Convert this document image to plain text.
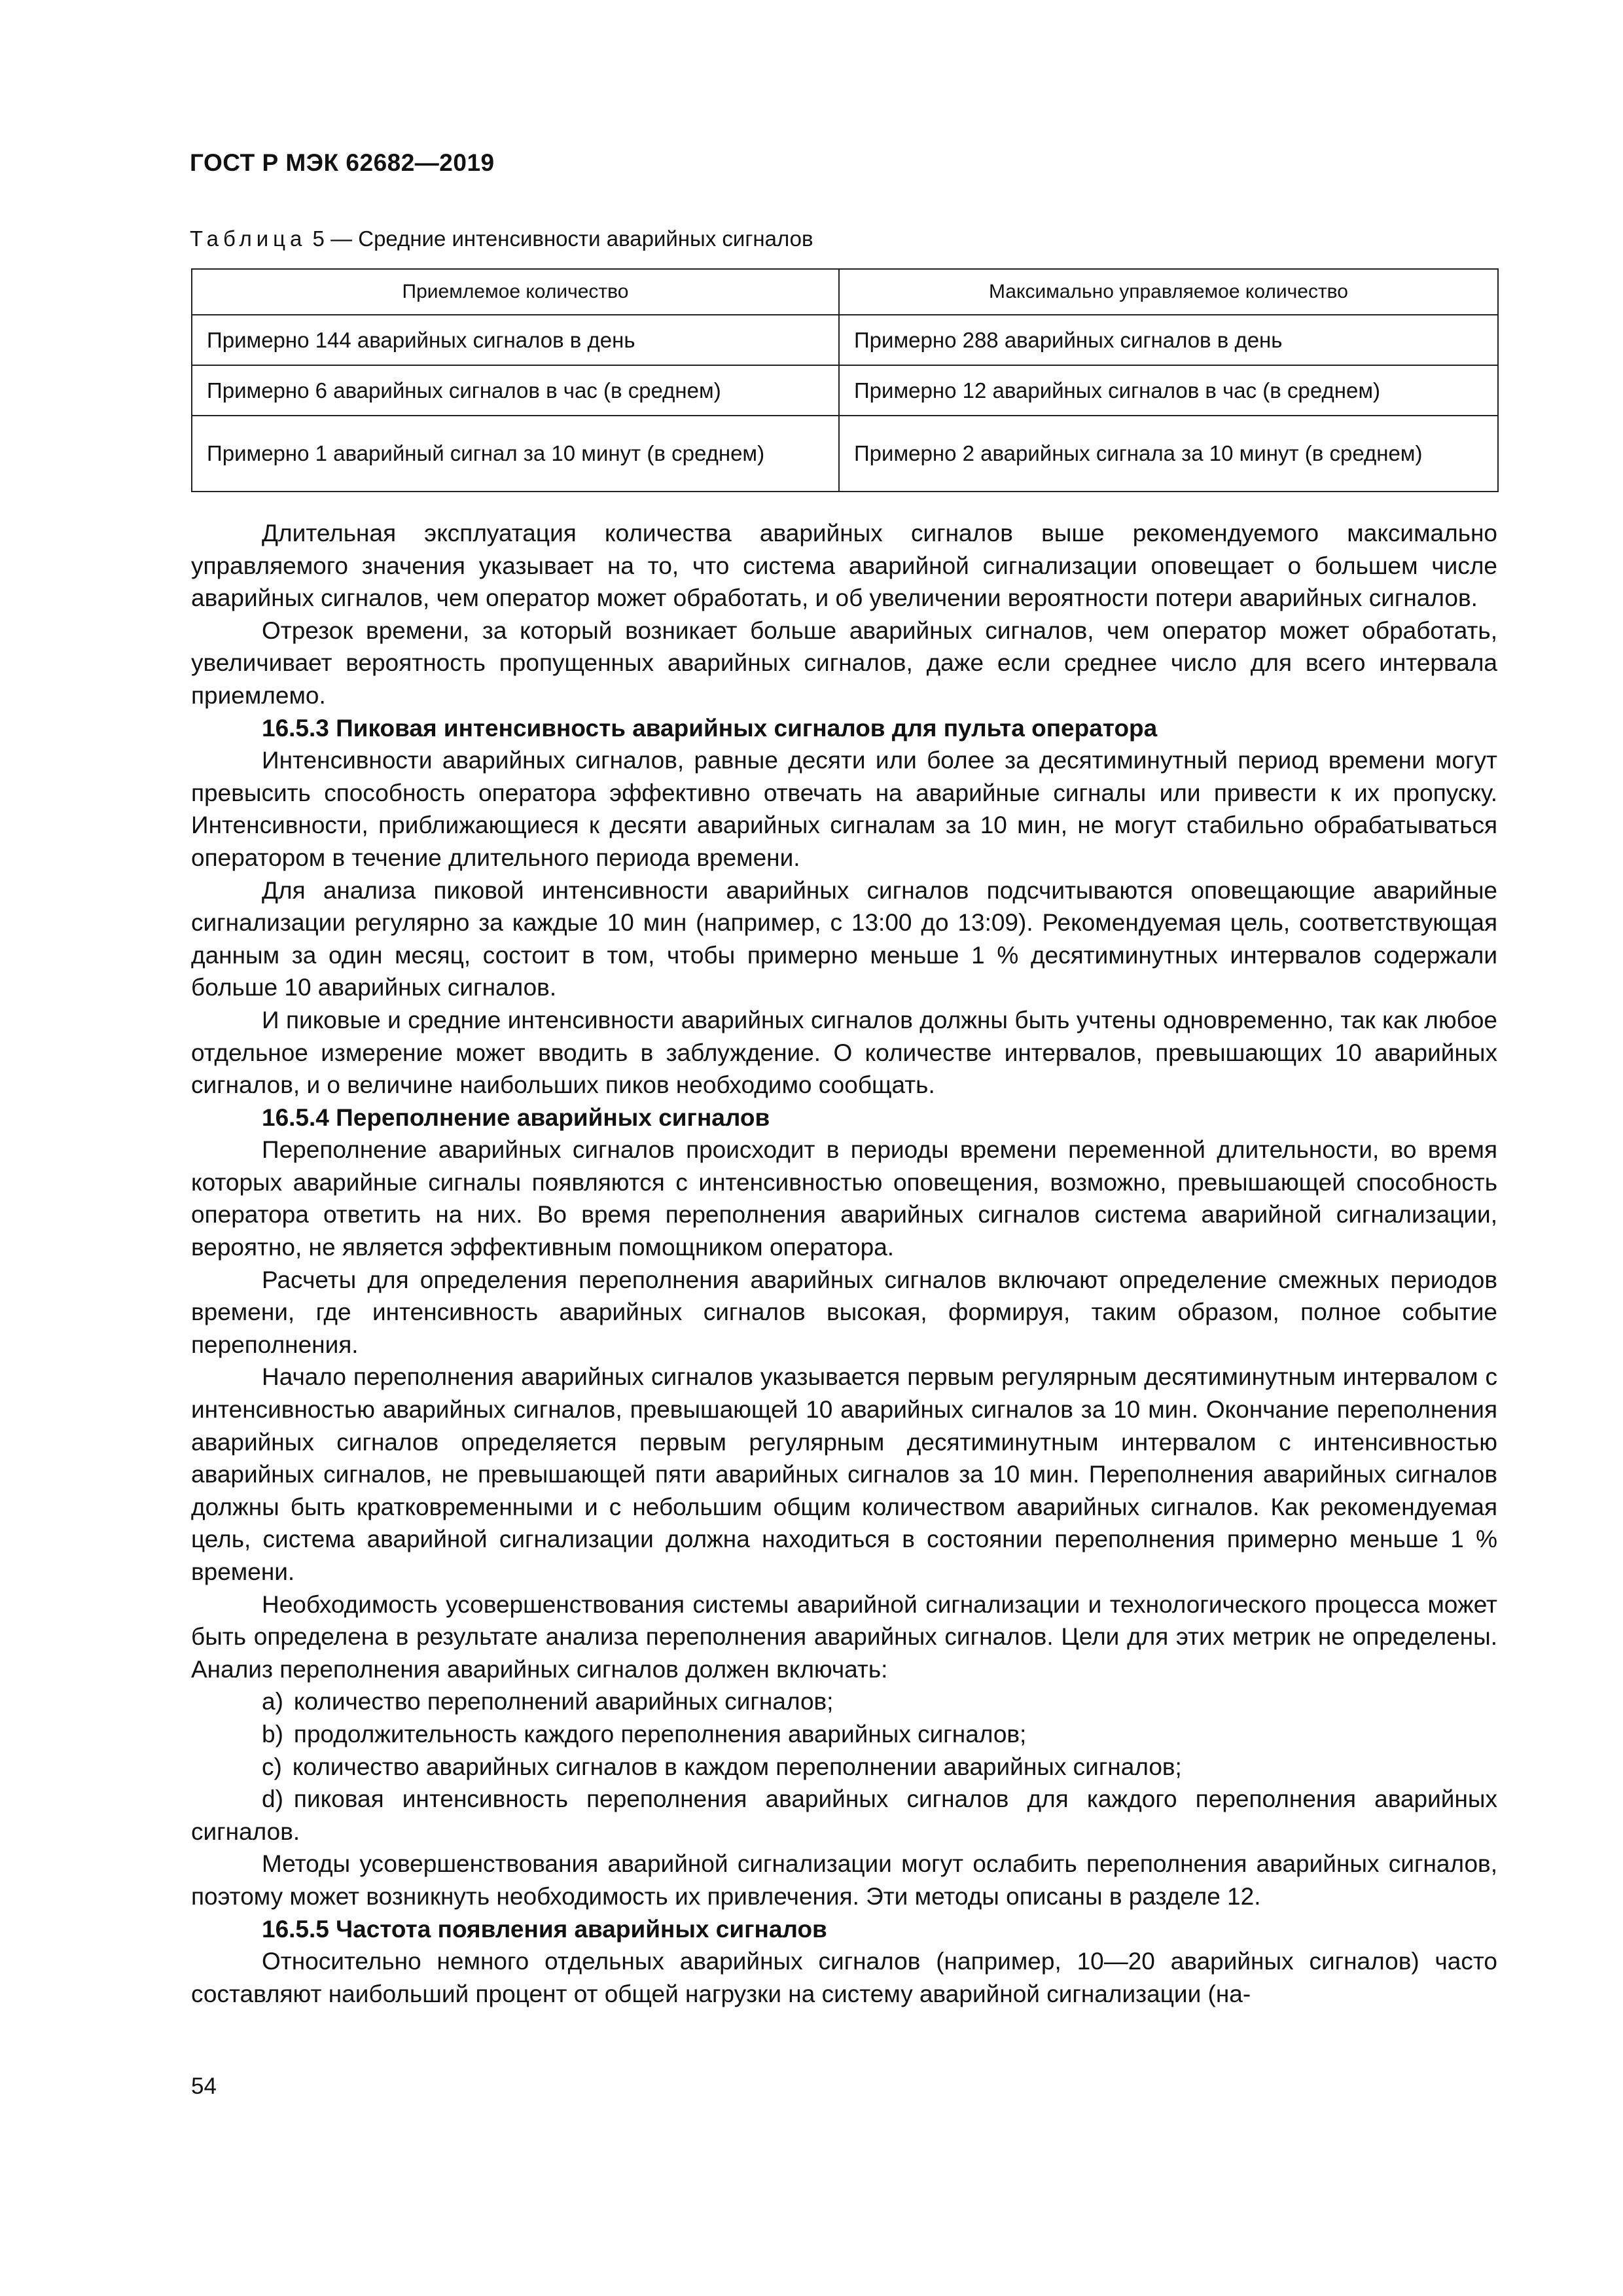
ГОСТ Р МЭК 62682—2019
Таблица 5 — Средние интенсивности аварийных сигналов
Приемлемое количество	Максимально управляемое количество
Примерно 144 аварийных сигналов в день	Примерно 288 аварийных сигналов в день
Примерно 6 аварийных сигналов в час (в среднем)	Примерно 12 аварийных сигналов в час (в среднем)
Примерно 1 аварийный сигнал за 10 минут (в среднем)	Примерно 2 аварийных сигнала за 10 минут (в среднем)

Длительная эксплуатация количества аварийных сигналов выше рекомендуемого максимально управляемого значения указывает на то, что система аварийной сигнализации оповещает о большем числе аварийных сигналов, чем оператор может обработать, и об увеличении вероятности потери аварийных сигналов.

Отрезок времени, за который возникает больше аварийных сигналов, чем оператор может обработать, увеличивает вероятность пропущенных аварийных сигналов, даже если среднее число для всего интервала приемлемо.

16.5.3 Пиковая интенсивность аварийных сигналов для пульта оператора

Интенсивности аварийных сигналов, равные десяти или более за десятиминутный период времени могут превысить способность оператора эффективно отвечать на аварийные сигналы или привести к их пропуску. Интенсивности, приближающиеся к десяти аварийных сигналам за 10 мин, не могут стабильно обрабатываться оператором в течение длительного периода времени.

Для анализа пиковой интенсивности аварийных сигналов подсчитываются оповещающие аварийные сигнализации регулярно за каждые 10 мин (например, с 13:00 до 13:09). Рекомендуемая цель, соответствующая данным за один месяц, состоит в том, чтобы примерно меньше 1 % десятиминутных интервалов содержали больше 10 аварийных сигналов.

И пиковые и средние интенсивности аварийных сигналов должны быть учтены одновременно, так как любое отдельное измерение может вводить в заблуждение. О количестве интервалов, превышающих 10 аварийных сигналов, и о величине наибольших пиков необходимо сообщать.

16.5.4 Переполнение аварийных сигналов

Переполнение аварийных сигналов происходит в периоды времени переменной длительности, во время которых аварийные сигналы появляются с интенсивностью оповещения, возможно, превышающей способность оператора ответить на них. Во время переполнения аварийных сигналов система аварийной сигнализации, вероятно, не является эффективным помощником оператора.

Расчеты для определения переполнения аварийных сигналов включают определение смежных периодов времени, где интенсивность аварийных сигналов высокая, формируя, таким образом, полное событие переполнения.

Начало переполнения аварийных сигналов указывается первым регулярным десятиминутным интервалом с интенсивностью аварийных сигналов, превышающей 10 аварийных сигналов за 10 мин. Окончание переполнения аварийных сигналов определяется первым регулярным десятиминутным интервалом с интенсивностью аварийных сигналов, не превышающей пяти аварийных сигналов за 10 мин. Переполнения аварийных сигналов должны быть кратковременными и с небольшим общим количеством аварийных сигналов. Как рекомендуемая цель, система аварийной сигнализации должна находиться в состоянии переполнения примерно меньше 1 % времени.

Необходимость усовершенствования системы аварийной сигнализации и технологического процесса может быть определена в результате анализа переполнения аварийных сигналов. Цели для этих метрик не определены. Анализ переполнения аварийных сигналов должен включать:

a) количество переполнений аварийных сигналов;

b) продолжительность каждого переполнения аварийных сигналов;

c) количество аварийных сигналов в каждом переполнении аварийных сигналов;

d) пиковая интенсивность переполнения аварийных сигналов для каждого переполнения аварийных сигналов.

Методы усовершенствования аварийной сигнализации могут ослабить переполнения аварийных сигналов, поэтому может возникнуть необходимость их привлечения. Эти методы описаны в разделе 12.

16.5.5 Частота появления аварийных сигналов

Относительно немного отдельных аварийных сигналов (например, 10—20 аварийных сигналов) часто составляют наибольший процент от общей нагрузки на систему аварийной сигнализации (на-

54
